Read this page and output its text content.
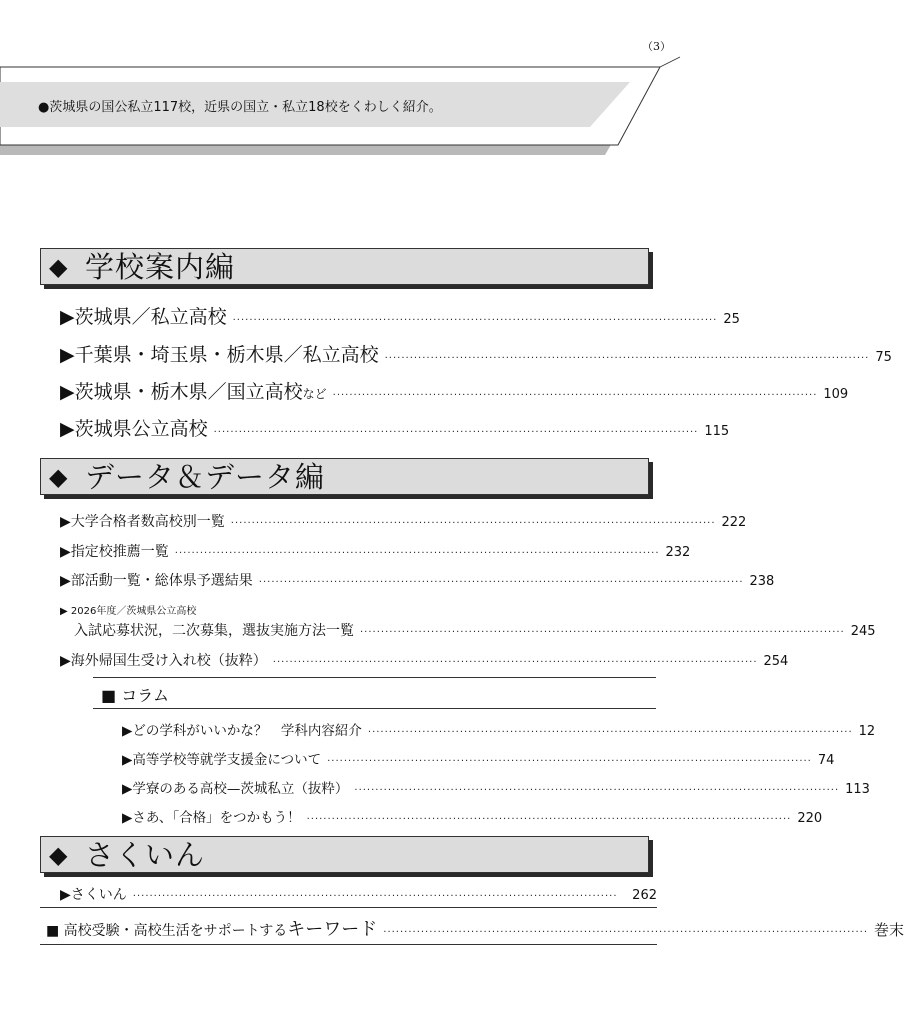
（3）
●茨城県の国公私立117校，近県の国立・私立18校をくわしく紹介。
◆ 学校案内編
▶茨城県／私立高校 ···················································································································· 25
▶千葉県・埼玉県・栃木県／私立高校 ···················································································································· 75
▶茨城県・栃木県／国立高校 など ···················································································································· 109
▶茨城県公立高校 ···················································································································· 115
◆ データ＆データ編
▶大学合格者数高校別一覧 ···················································································································· 222
▶指定校推薦一覧 ···················································································································· 232
▶部活動一覧・総体県予選結果 ···················································································································· 238
▶ 2026年度／茨城県公立高校
入試応募状況，二次募集，選抜実施方法一覧 ···················································································································· 245
▶海外帰国生受け入れ校（抜粋） ···················································································································· 254
■ コラム
▶どの学科がいいかな？　学科内容紹介 ···················································································································· 12
▶高等学校等就学支援金について ···················································································································· 74
▶学寮のある高校—茨城私立（抜粋） ···················································································································· 113
▶さあ、「合格」をつかもう！ ···················································································································· 220
◆ さくいん
▶さくいん ····················································································································	262
■ 高校受験・高校生活をサポートする キーワード ···················································································································· 巻末
